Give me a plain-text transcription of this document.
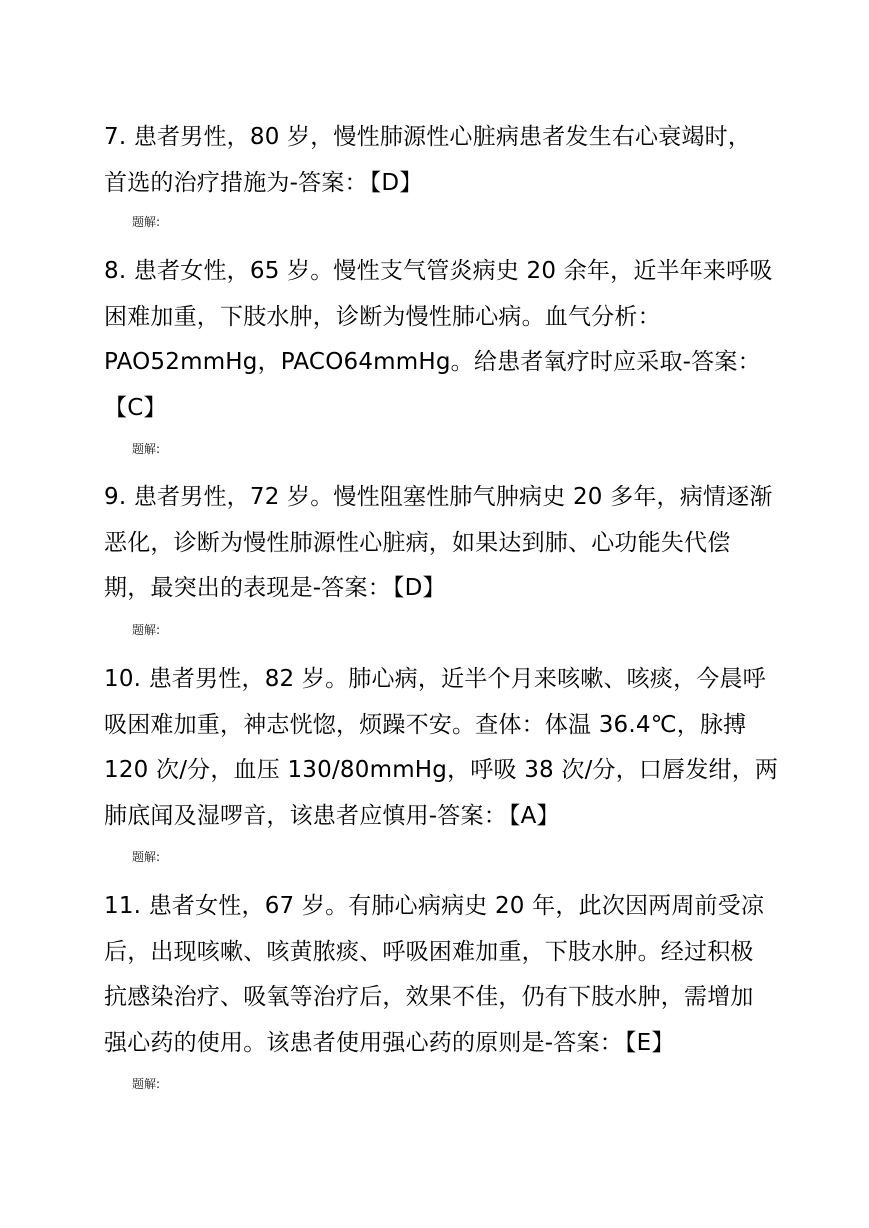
7. 患者男性，80 岁，慢性肺源性心脏病患者发生右心衰竭时，
首选的治疗措施为-答案：【D】
题解:
8. 患者女性，65 岁。慢性支气管炎病史 20 余年，近半年来呼吸
困难加重，下肢水肿，诊断为慢性肺心病。血气分析：
PAO52mmHg，PACO64mmHg。给患者氧疗时应采取-答案：
【C】
题解:
9. 患者男性，72 岁。慢性阻塞性肺气肿病史 20 多年，病情逐渐
恶化，诊断为慢性肺源性心脏病，如果达到肺、心功能失代偿
期，最突出的表现是-答案：【D】
题解:
10. 患者男性，82 岁。肺心病，近半个月来咳嗽、咳痰，今晨呼
吸困难加重，神志恍惚，烦躁不安。查体：体温 36.4℃，脉搏
120 次/分，血压 130/80mmHg，呼吸 38 次/分，口唇发绀，两
肺底闻及湿啰音，该患者应慎用-答案：【A】
题解:
11. 患者女性，67 岁。有肺心病病史 20 年，此次因两周前受凉
后，出现咳嗽、咳黄脓痰、呼吸困难加重，下肢水肿。经过积极
抗感染治疗、吸氧等治疗后，效果不佳，仍有下肢水肿，需增加
强心药的使用。该患者使用强心药的原则是-答案：【E】
题解:
